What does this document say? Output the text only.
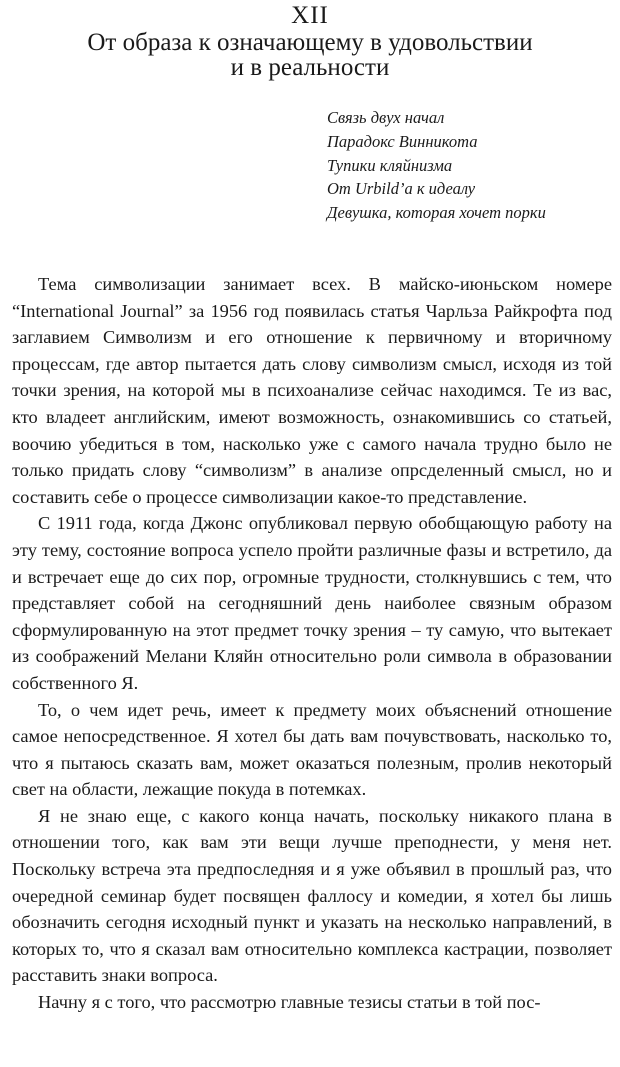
XII
От образа к означающему в удовольствии
и в реальности
Связь двух начал
Парадокс Винникота
Тупики кляйнизма
От Urbild’а к идеалу
Девушка, которая хочет порки

Тема символизации занимает всех. В майско-июньском номере “International Journal” за 1956 год появилась статья Чарльза Райкрофта под заглавием Символизм и его отношение к первичному и вторичному процессам, где автор пытается дать слову символизм смысл, исходя из той точки зрения, на которой мы в психоанализе сейчас находимся. Те из вас, кто владеет английским, имеют возможность, ознакомившись со статьей, воочию убедиться в том, насколько уже с самого начала трудно было не только придать слову “символизм” в анализе опрсделенный смысл, но и составить себе о процессе символизации какое-то представление.

С 1911 года, когда Джонс опубликовал первую обобщающую работу на эту тему, состояние вопроса успело пройти различные фазы и встретило, да и встречает еще до сих пор, огромные трудности, столкнувшись с тем, что представляет собой на сегодняшний день наиболее связным образом сформулированную на этот предмет точку зрения – ту самую, что вытекает из соображений Мелани Кляйн относительно роли символа в образовании собственного Я.

То, о чем идет речь, имеет к предмету моих объяснений отношение самое непосредственное. Я хотел бы дать вам почувствовать, насколько то, что я пытаюсь сказать вам, может оказаться полезным, пролив некоторый свет на области, лежащие покуда в потемках.

Я не знаю еще, с какого конца начать, поскольку никакого плана в отношении того, как вам эти вещи лучше преподнести, у меня нет. Поскольку встреча эта предпоследняя и я уже объявил в прошлый раз, что очередной семинар будет посвящен фаллосу и комедии, я хотел бы лишь обозначить сегодня исходный пункт и указать на несколько направлений, в которых то, что я сказал вам относительно комплекса кастрации, позволяет расставить знаки вопроса.

Начну я с того, что рассмотрю главные тезисы статьи в той пос-
